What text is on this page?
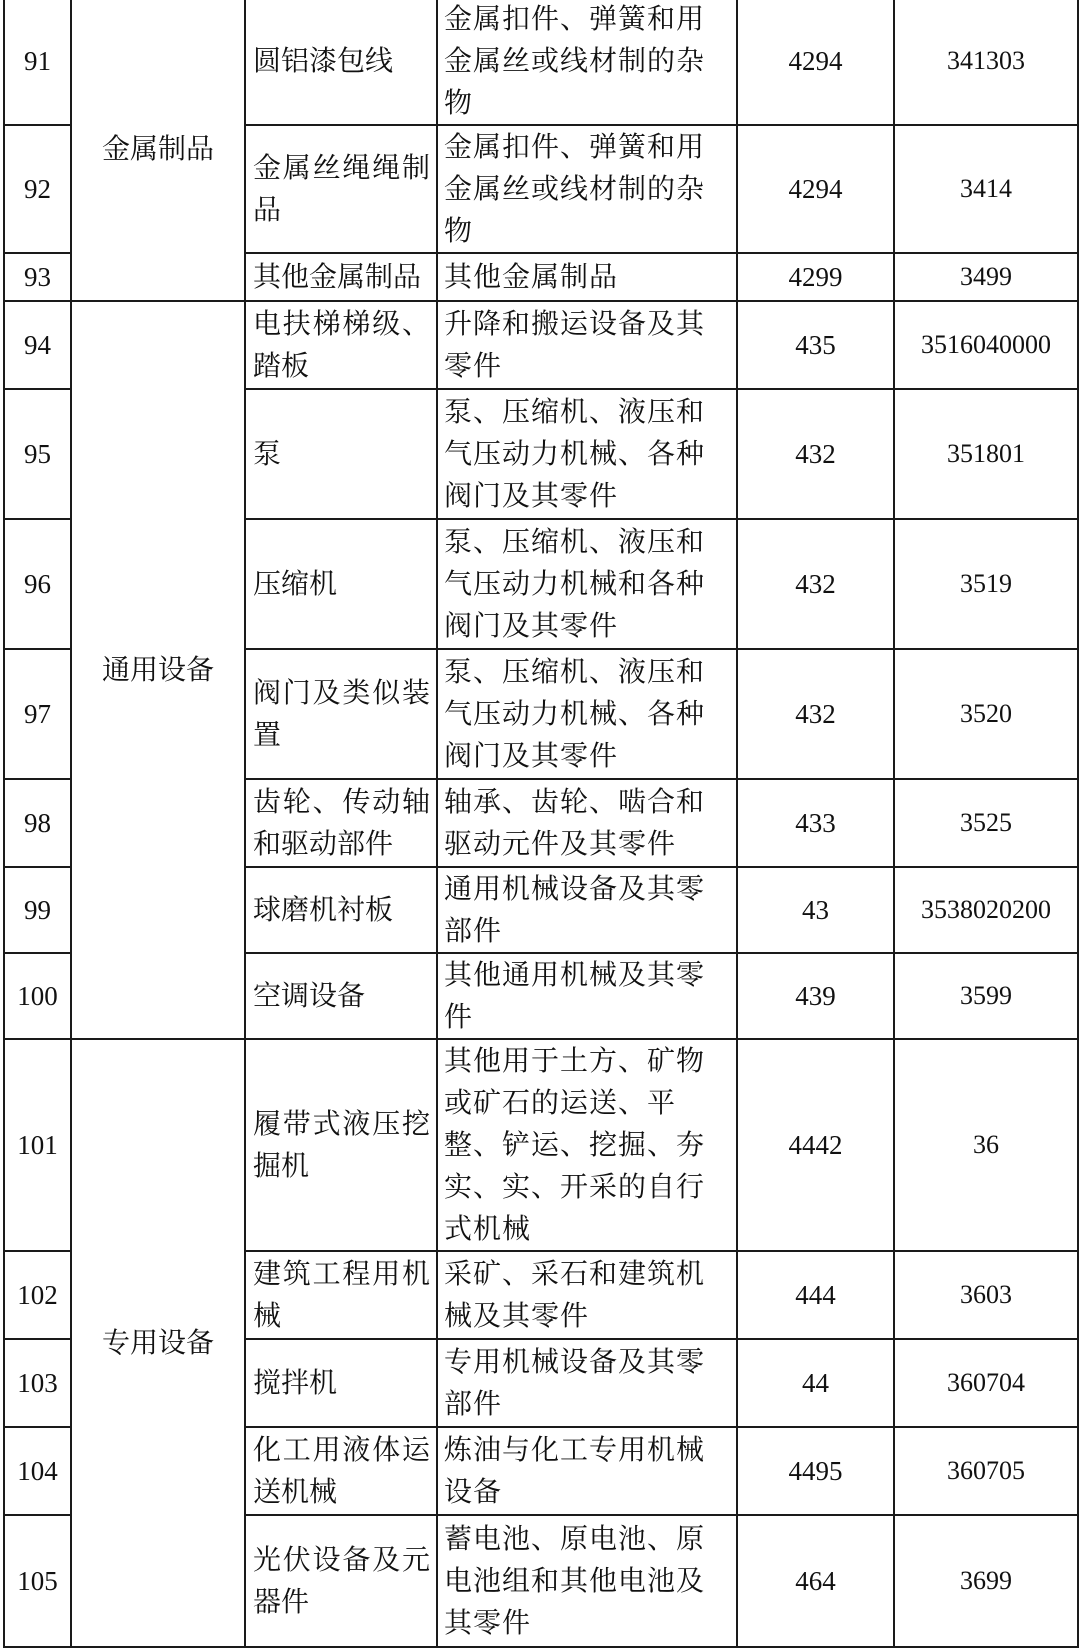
91	金属制品	圆铝漆包线	金属扣件、弹簧和用金属丝或线材制的杂物	4294	341303
92		金属丝绳绳制品	金属扣件、弹簧和用金属丝或线材制的杂物	4294	3414
93		其他金属制品	其他金属制品	4299	3499
94	通用设备	电扶梯梯级、踏板	升降和搬运设备及其零件	435	3516040000
95		泵	泵、压缩机、液压和气压动力机械、各种阀门及其零件	432	351801
96		压缩机	泵、压缩机、液压和气压动力机械和各种阀门及其零件	432	3519
97		阀门及类似装置	泵、压缩机、液压和气压动力机械、各种阀门及其零件	432	3520
98		齿轮、传动轴和驱动部件	轴承、齿轮、啮合和驱动元件及其零件	433	3525
99		球磨机衬板	通用机械设备及其零部件	43	3538020200
100		空调设备	其他通用机械及其零件	439	3599
101	专用设备	履带式液压挖掘机	其他用于土方、矿物或矿石的运送、平整、铲运、挖掘、夯实、实、开采的自行式机械	4442	36
102		建筑工程用机械	采矿、采石和建筑机械及其零件	444	3603
103		搅拌机	专用机械设备及其零部件	44	360704
104		化工用液体运送机械	炼油与化工专用机械设备	4495	360705
105		光伏设备及元器件	蓄电池、原电池、原电池组和其他电池及其零件	464	3699
